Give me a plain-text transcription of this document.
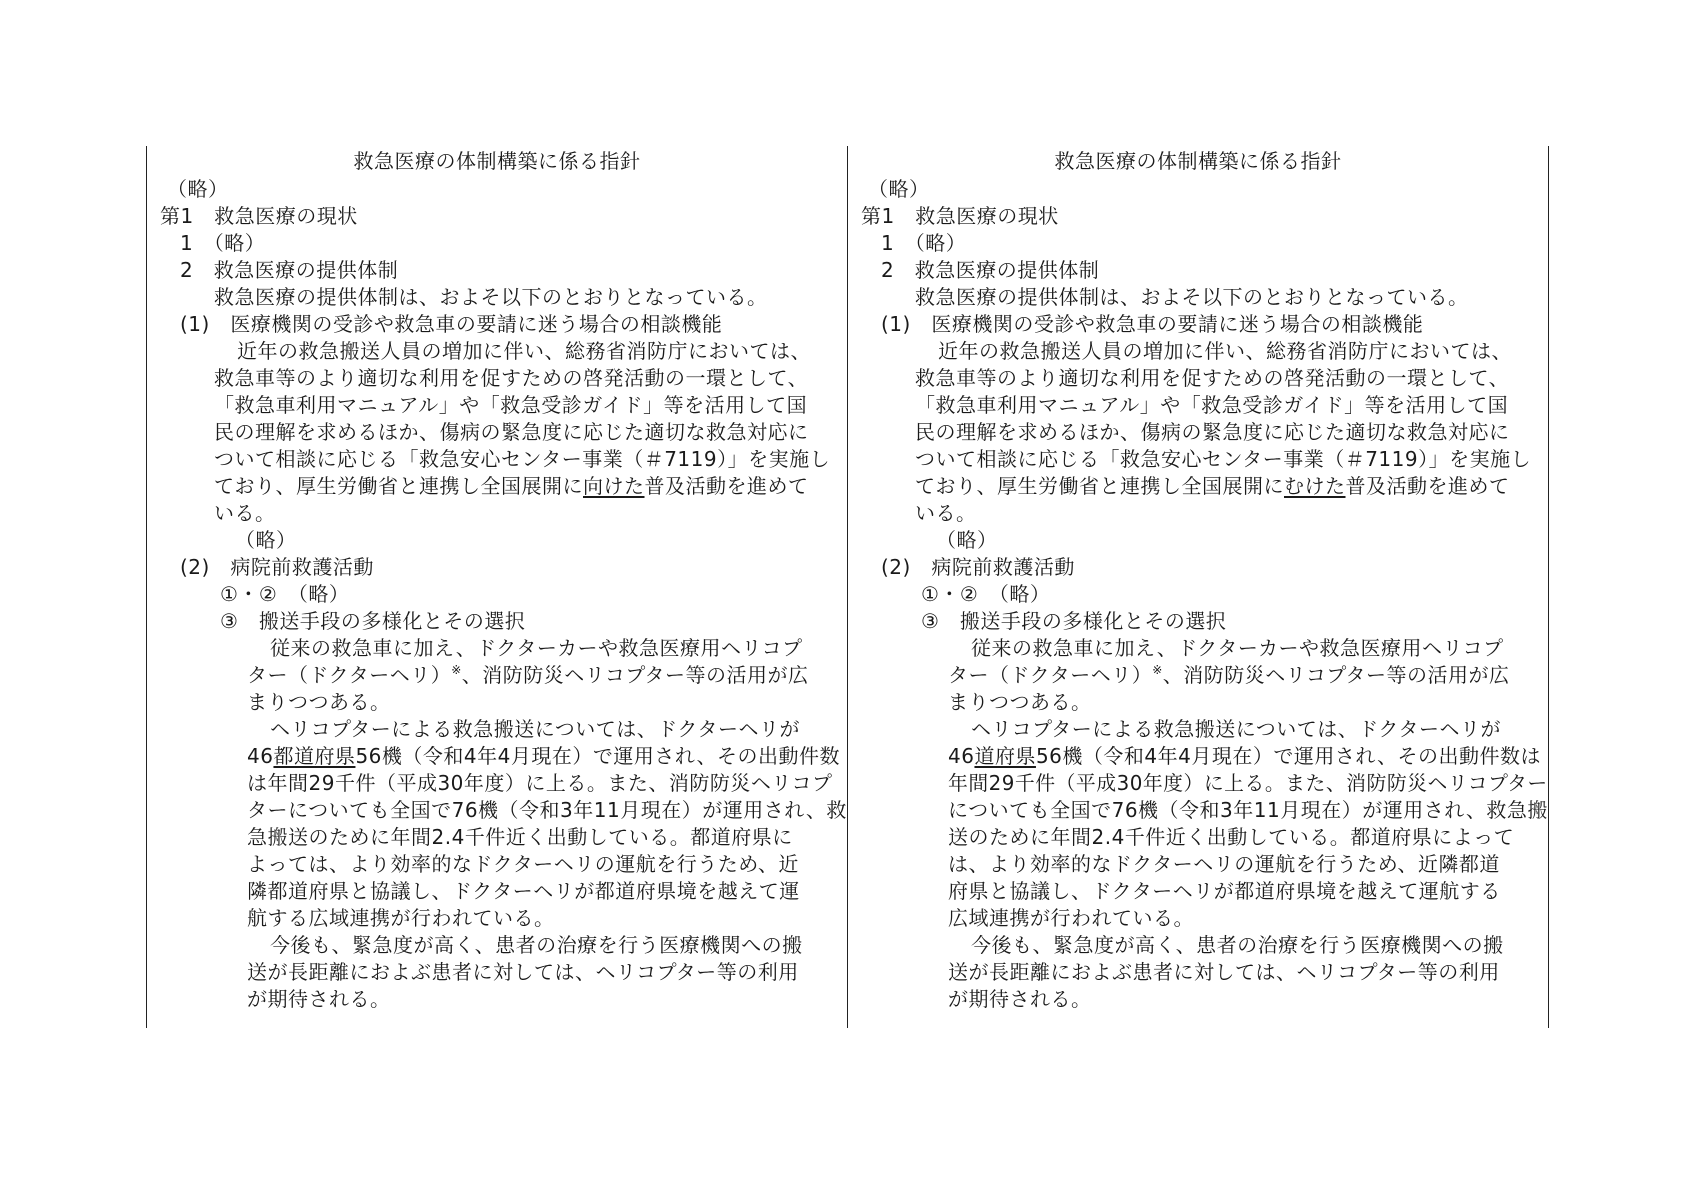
救急医療の体制構築に係る指針
（略）
第1　救急医療の現状
1　（略）
2　救急医療の提供体制
救急医療の提供体制は、およそ以下のとおりとなっている。
(1)　医療機関の受診や救急車の要請に迷う場合の相談機能
近年の救急搬送人員の増加に伴い、総務省消防庁においては、
救急車等のより適切な利用を促すための啓発活動の一環として、
「救急車利用マニュアル」や「救急受診ガイド」等を活用して国
民の理解を求めるほか、傷病の緊急度に応じた適切な救急対応に
ついて相談に応じる「救急安心センター事業（＃7119）」を実施し
ており、厚生労働省と連携し全国展開に向けた普及活動を進めて
いる。
（略）
(2)　病院前救護活動
①・②　（略）
③　搬送手段の多様化とその選択
従来の救急車に加え、ドクターカーや救急医療用ヘリコプ
ター（ドクターヘリ）※、消防防災ヘリコプター等の活用が広
まりつつある。
ヘリコプターによる救急搬送については、ドクターヘリが
46都道府県56機（令和4年4月現在）で運用され、その出動件数
は年間29千件（平成30年度）に上る。また、消防防災ヘリコプ
ターについても全国で76機（令和3年11月現在）が運用され、救
急搬送のために年間2.4千件近く出動している。都道府県に
よっては、より効率的なドクターヘリの運航を行うため、近
隣都道府県と協議し、ドクターヘリが都道府県境を越えて運
航する広域連携が行われている。
今後も、緊急度が高く、患者の治療を行う医療機関への搬
送が長距離におよぶ患者に対しては、ヘリコプター等の利用
が期待される。
救急医療の体制構築に係る指針
（略）
第1　救急医療の現状
1　（略）
2　救急医療の提供体制
救急医療の提供体制は、およそ以下のとおりとなっている。
(1)　医療機関の受診や救急車の要請に迷う場合の相談機能
近年の救急搬送人員の増加に伴い、総務省消防庁においては、
救急車等のより適切な利用を促すための啓発活動の一環として、
「救急車利用マニュアル」や「救急受診ガイド」等を活用して国
民の理解を求めるほか、傷病の緊急度に応じた適切な救急対応に
ついて相談に応じる「救急安心センター事業（＃7119）」を実施し
ており、厚生労働省と連携し全国展開にむけた普及活動を進めて
いる。
（略）
(2)　病院前救護活動
①・②　（略）
③　搬送手段の多様化とその選択
従来の救急車に加え、ドクターカーや救急医療用ヘリコプ
ター（ドクターヘリ）※、消防防災ヘリコプター等の活用が広
まりつつある。
ヘリコプターによる救急搬送については、ドクターヘリが
46道府県56機（令和4年4月現在）で運用され、その出動件数は
年間29千件（平成30年度）に上る。また、消防防災ヘリコプター
についても全国で76機（令和3年11月現在）が運用され、救急搬
送のために年間2.4千件近く出動している。都道府県によって
は、より効率的なドクターヘリの運航を行うため、近隣都道
府県と協議し、ドクターヘリが都道府県境を越えて運航する
広域連携が行われている。
今後も、緊急度が高く、患者の治療を行う医療機関への搬
送が長距離におよぶ患者に対しては、ヘリコプター等の利用
が期待される。
